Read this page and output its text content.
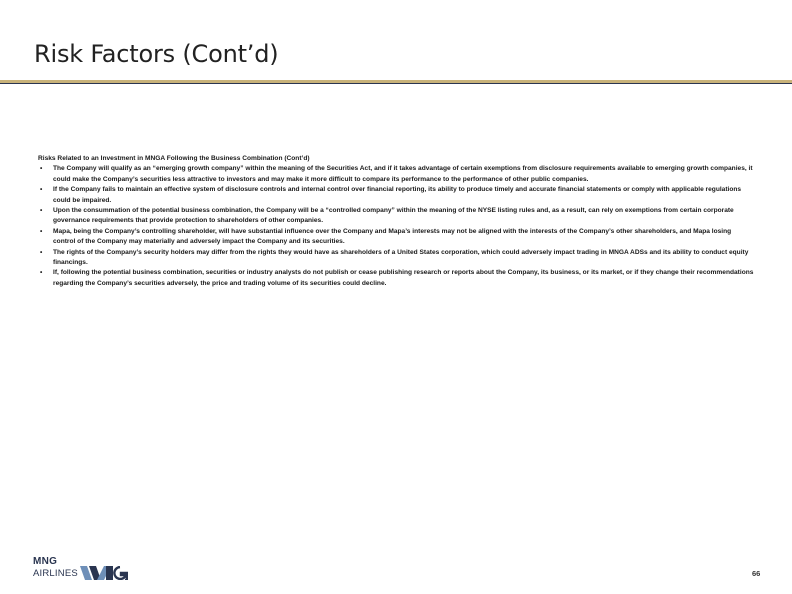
Risk Factors (Cont’d)
Risks Related to an Investment in MNGA Following the Business Combination (Cont’d)
• The Company will qualify as an “emerging growth company” within the meaning of the Securities Act, and if it takes advantage of certain exemptions from disclosure requirements available to emerging growth companies, it could make the Company’s securities less attractive to investors and may make it more difficult to compare its performance to the performance of other public companies.
• If the Company fails to maintain an effective system of disclosure controls and internal control over financial reporting, its ability to produce timely and accurate financial statements or comply with applicable regulations could be impaired.
• Upon the consummation of the potential business combination, the Company will be a “controlled company” within the meaning of the NYSE listing rules and, as a result, can rely on exemptions from certain corporate governance requirements that provide protection to shareholders of other companies.
• Mapa, being the Company’s controlling shareholder, will have substantial influence over the Company and Mapa’s interests may not be aligned with the interests of the Company’s other shareholders, and Mapa losing control of the Company may materially and adversely impact the Company and its securities.
• The rights of the Company’s security holders may differ from the rights they would have as shareholders of a United States corporation, which could adversely impact trading in MNGA ADSs and its ability to conduct equity financings.
• If, following the potential business combination, securities or industry analysts do not publish or cease publishing research or reports about the Company, its business, or its market, or if they change their recommendations regarding the Company’s securities adversely, the price and trading volume of its securities could decline.
MNG
AIRLINES	66
